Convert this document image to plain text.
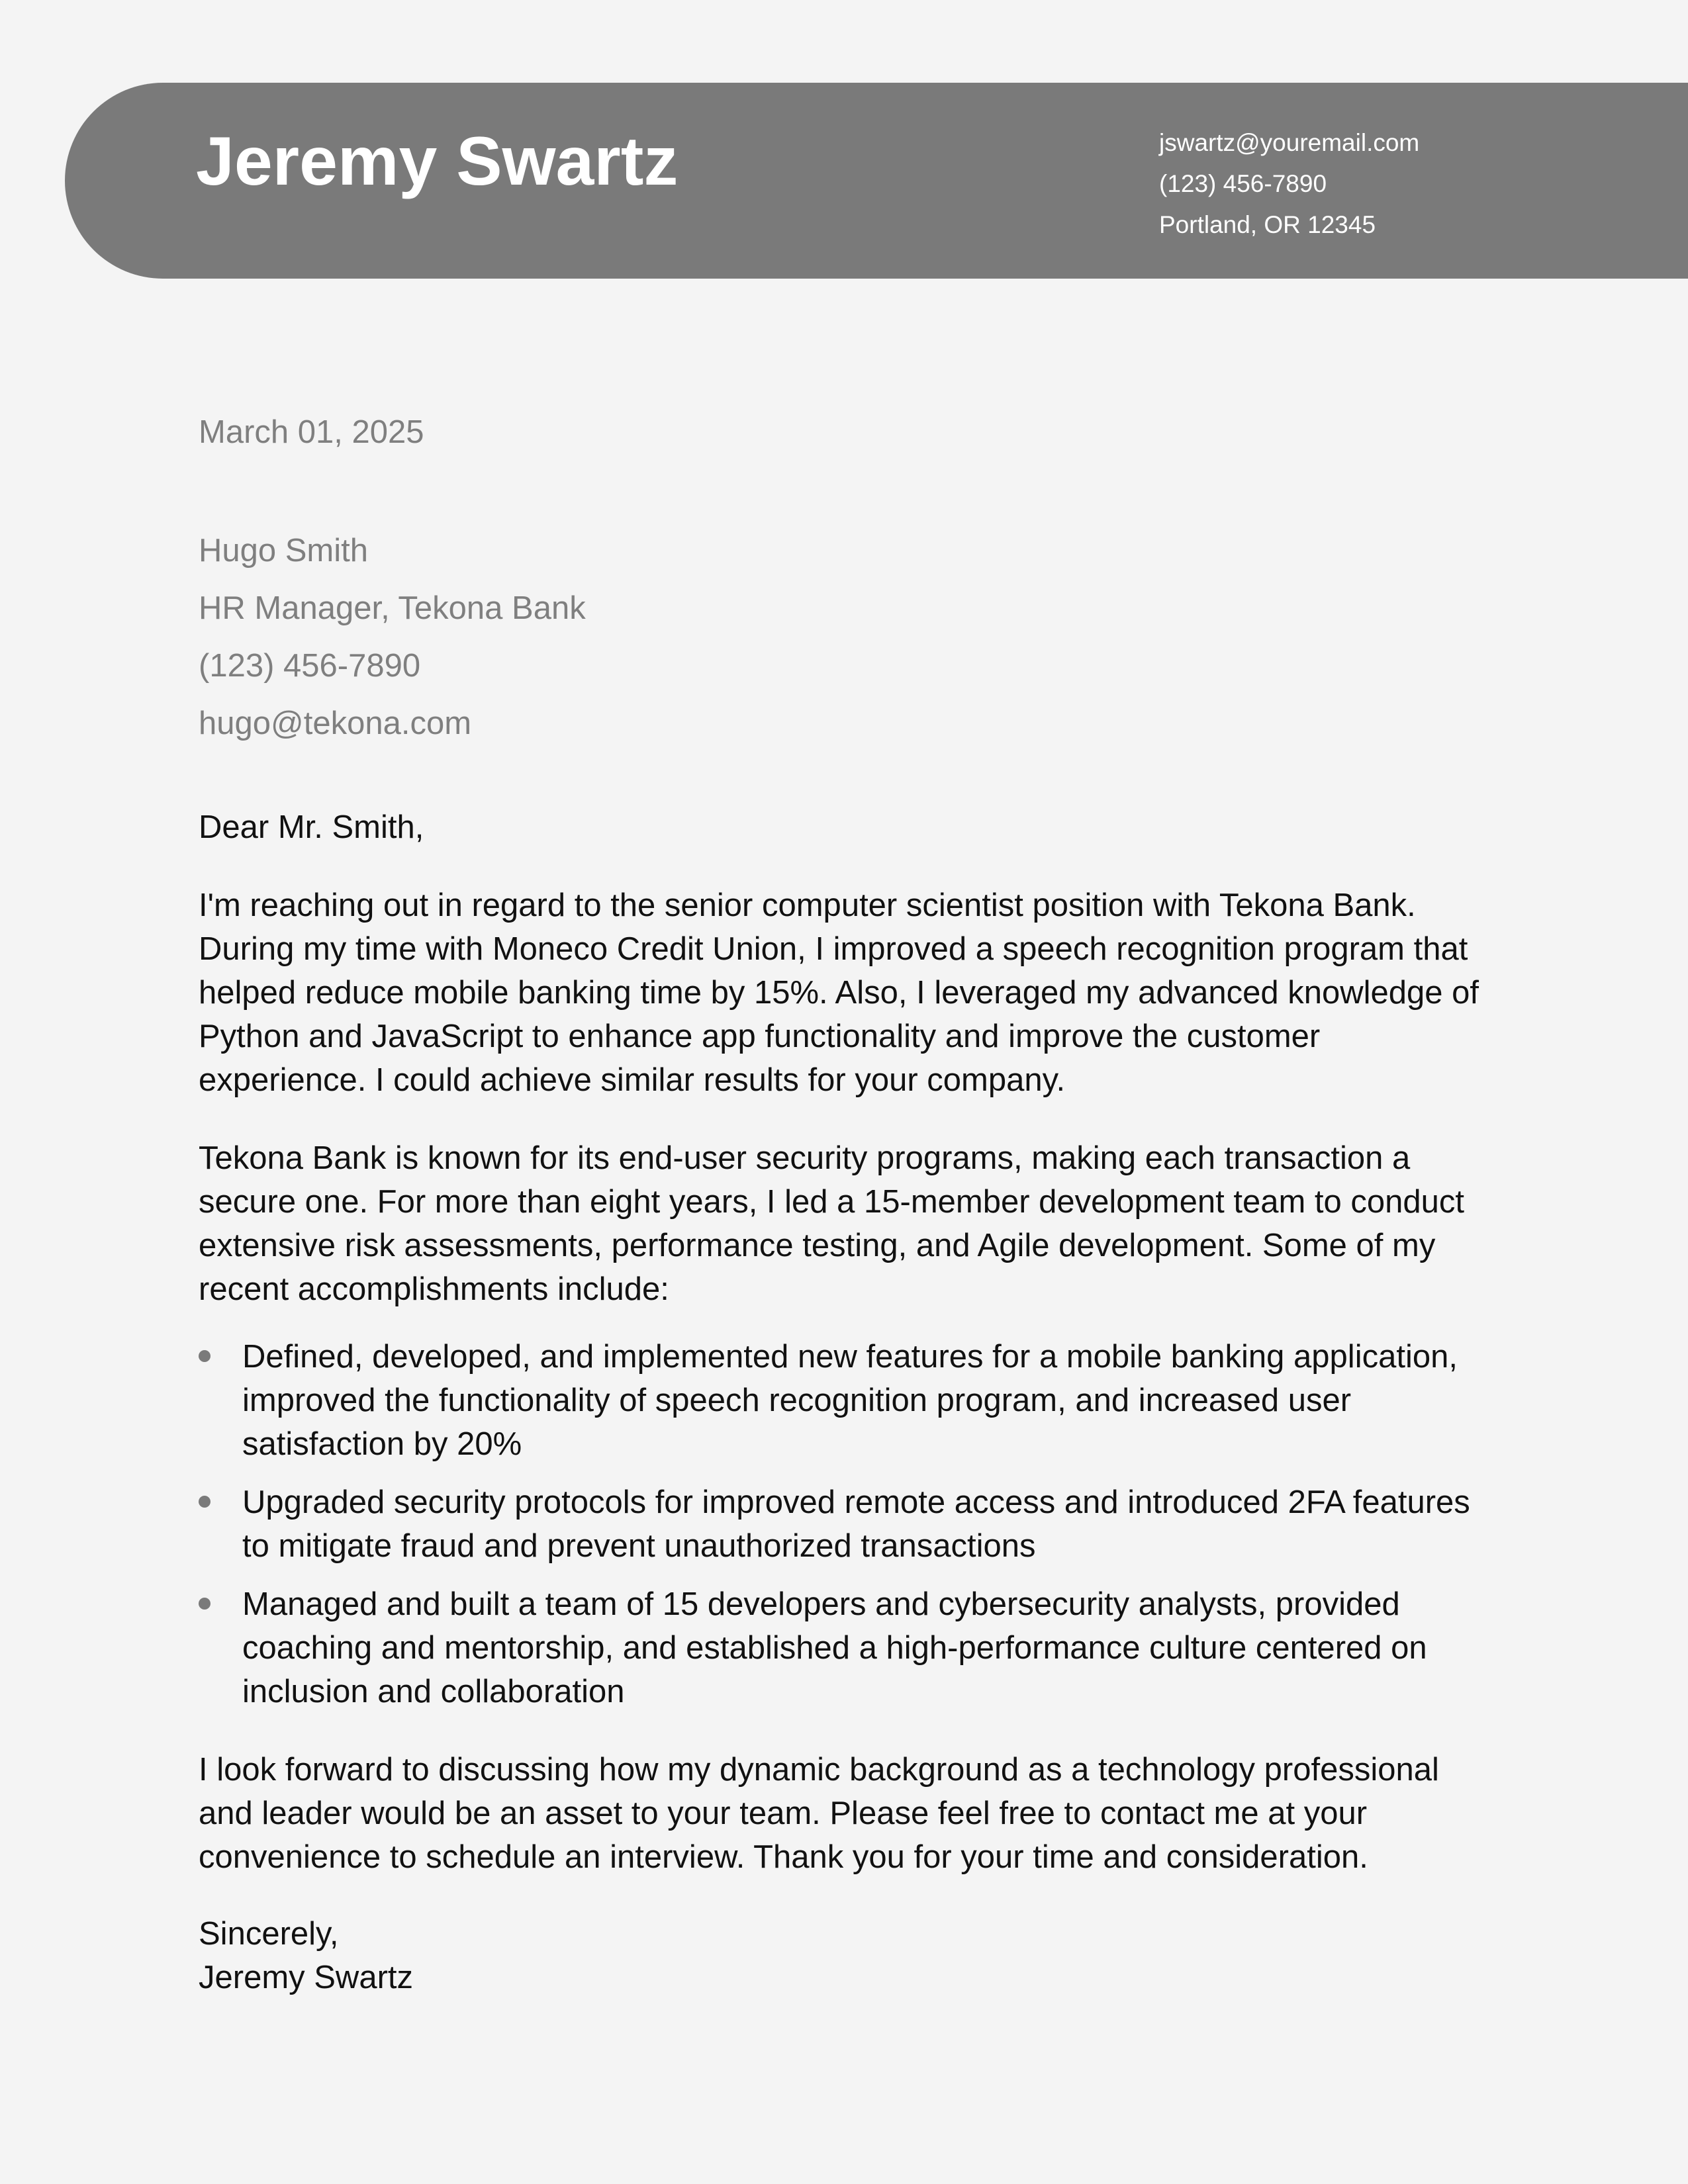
Jeremy Swartz	jswartz@youremail.com
(123) 456-7890
Portland, OR 12345

March 01, 2025

Hugo Smith
HR Manager, Tekona Bank
(123) 456-7890
hugo@tekona.com

Dear Mr. Smith,

I'm reaching out in regard to the senior computer scientist position with Tekona Bank. During my time with Moneco Credit Union, I improved a speech recognition program that helped reduce mobile banking time by 15%. Also, I leveraged my advanced knowledge of Python and JavaScript to enhance app functionality and improve the customer experience. I could achieve similar results for your company.

Tekona Bank is known for its end-user security programs, making each transaction a secure one. For more than eight years, I led a 15-member development team to conduct extensive risk assessments, performance testing, and Agile development. Some of my recent accomplishments include:

Defined, developed, and implemented new features for a mobile banking application, improved the functionality of speech recognition program, and increased user satisfaction by 20%
Upgraded security protocols for improved remote access and introduced 2FA features to mitigate fraud and prevent unauthorized transactions
Managed and built a team of 15 developers and cybersecurity analysts, provided coaching and mentorship, and established a high-performance culture centered on inclusion and collaboration

I look forward to discussing how my dynamic background as a technology professional and leader would be an asset to your team. Please feel free to contact me at your convenience to schedule an interview. Thank you for your time and consideration.

Sincerely,
Jeremy Swartz
